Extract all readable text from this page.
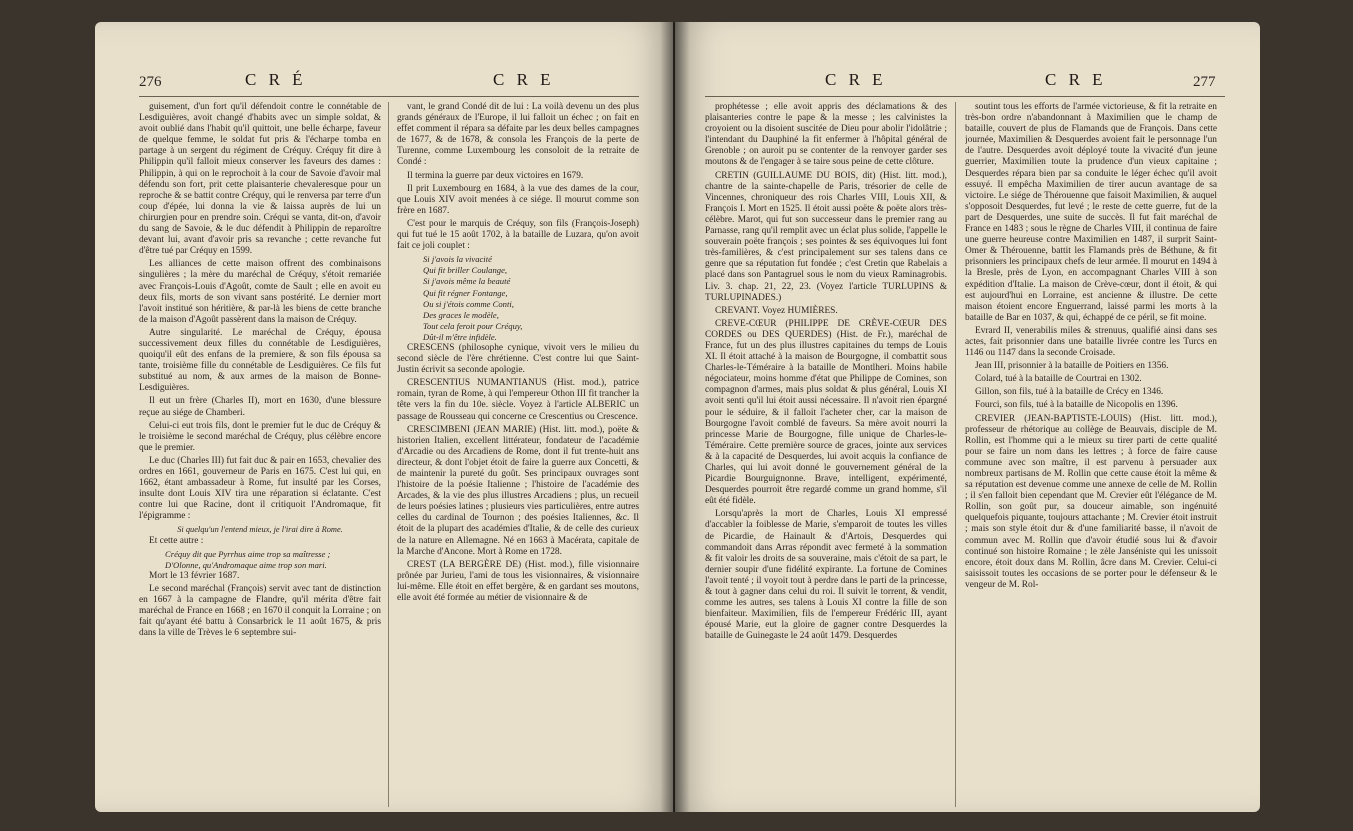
276	C R É	C R E

guisement, d'un fort qu'il défendoit contre le connétable de Lesdiguières, avoit changé d'habits avec un simple soldat, & avoit oublié dans l'habit qu'il quittoit, une belle écharpe, faveur de quelque femme, le soldat fut pris & l'écharpe tomba en partage à un sergent du régiment de Créquy. Créquy fit dire à Philippin qu'il falloit mieux conserver les faveurs des dames : Philippin, à qui on le reprochoit à la cour de Savoie d'avoir mal défendu son fort, prit cette plaisanterie chevaleresque pour un reproche & se battit contre Créquy, qui le renversa par terre d'un coup d'épée, lui donna la vie & laissa auprès de lui un chirurgien pour en prendre soin. Créqui se vanta, dit-on, d'avoir du sang de Savoie, & le duc défendit à Philippin de reparoître devant lui, avant d'avoir pris sa revanche ; cette revanche fut d'être tué par Créquy en 1599.

Les alliances de cette maison offrent des combinaisons singulières ; la mère du maréchal de Créquy, s'étoit remariée avec François-Louis d'Agoût, comte de Sault ; elle en avoit eu deux fils, morts de son vivant sans postérité. Le dernier mort l'avoit institué son héritière, & par-là les biens de cette branche de la maison d'Agoût passèrent dans la maison de Créquy.

Autre singularité. Le maréchal de Créquy, épousa successivement deux filles du connétable de Lesdiguières, quoiqu'il eût des enfans de la premiere, & son fils épousa sa tante, troisième fille du connétable de Lesdiguières. Ce fils fut substitué au nom, & aux armes de la maison de Bonne-Lesdiguières.

Il eut un frère (Charles II), mort en 1630, d'une blessure reçue au siége de Chamberi.

Celui-ci eut trois fils, dont le premier fut le duc de Créquy & le troisième le second maréchal de Créquy, plus célèbre encore que le premier.

Le duc (Charles III) fut fait duc & pair en 1653, chevalier des ordres en 1661, gouverneur de Paris en 1675. C'est lui qui, en 1662, étant ambassadeur à Rome, fut insulté par les Corses, insulte dont Louis XIV tira une réparation si éclatante. C'est contre lui que Racine, dont il critiquoit l'Andromaque, fit l'épigramme :

Si quelqu'un l'entend mieux, je l'irai dire à Rome.

Et cette autre :

Créquy dit que Pyrrhus aime trop sa maîtresse ;

D'Olonne, qu'Andromaque aime trop son mari.

Mort le 13 février 1687.

Le second maréchal (François) servit avec tant de distinction en 1667 à la campagne de Flandre, qu'il mérita d'être fait maréchal de France en 1668 ; en 1670 il conquit la Lorraine ; on fait qu'ayant été battu à Consarbrick le 11 août 1675, & pris dans la ville de Trèves le 6 septembre sui-

vant, le grand Condé dit de lui : La voilà devenu un des plus grands généraux de l'Europe, il lui falloit un échec ; on fait en effet comment il répara sa défaite par les deux belles campagnes de 1677, & de 1678, & consola les François de la perte de Turenne, comme Luxembourg les consoloit de la retraite de Condé :

Il termina la guerre par deux victoires en 1679.

Il prit Luxembourg en 1684, à la vue des dames de la cour, que Louis XIV avoit menées à ce siége. Il mourut comme son frère en 1687.

C'est pour le marquis de Créquy, son fils (François-Joseph) qui fut tué le 15 août 1702, à la bataille de Luzara, qu'on avoit fait ce joli couplet :

Si j'avois la vivacité

Qui fit briller Coulange,

Si j'avois même la beauté

Qui fit régner Fontange,

Ou si j'étois comme Conti,

Des graces le modèle,

Tout cela feroit pour Créquy,

Dût-il m'être infidèle.

CRESCENS (philosophe cynique, vivoit vers le milieu du second siècle de l'ère chrétienne. C'est contre lui que Saint-Justin écrivit sa seconde apologie.

CRESCENTIUS NUMANTIANUS (Hist. mod.), patrice romain, tyran de Rome, à qui l'empereur Othon III fit trancher la tête vers la fin du 10e. siècle. Voyez à l'article ALBERIC un passage de Rousseau qui concerne ce Crescentius ou Crescence.

CRESCIMBENI (JEAN MARIE) (Hist. litt. mod.), poëte & historien Italien, excellent littérateur, fondateur de l'académie d'Arcadie ou des Arcadiens de Rome, dont il fut trente-huit ans directeur, & dont l'objet étoit de faire la guerre aux Concetti, & de maintenir la pureté du goût. Ses principaux ouvrages sont l'histoire de la poésie Italienne ; l'histoire de l'académie des Arcades, & la vie des plus illustres Arcadiens ; plus, un recueil de leurs poésies latines ; plusieurs vies particulières, entre autres celles du cardinal de Tournon ; des poésies Italiennes, &c. Il étoit de la plupart des académies d'Italie, & de celle des curieux de la nature en Allemagne. Né en 1663 à Macérata, capitale de la Marche d'Ancone. Mort à Rome en 1728.

CREST (LA BERGÈRE DE) (Hist. mod.), fille visionnaire prônée par Jurieu, l'ami de tous les visionnaires, & visionnaire lui-même. Elle étoit en effet bergère, & en gardant ses moutons, elle avoit été formée au métier de visionnaire & de

C R E	C R E	277

prophétesse ; elle avoit appris des déclamations & des plaisanteries contre le pape & la messe ; les calvinistes la croyoient ou la disoient suscitée de Dieu pour abolir l'idolâtrie ; l'intendant du Dauphiné la fit enfermer à l'hôpital général de Grenoble ; on auroit pu se contenter de la renvoyer garder ses moutons & de l'engager à se taire sous peine de cette clôture.

CRETIN (GUILLAUME DU BOIS, dit) (Hist. litt. mod.), chantre de la sainte-chapelle de Paris, trésorier de celle de Vincennes, chroniqueur des rois Charles VIII, Louis XII, & François I. Mort en 1525. Il étoit aussi poëte & poëte alors très-célèbre. Marot, qui fut son successeur dans le premier rang au Parnasse, rang qu'il remplit avec un éclat plus solide, l'appelle le souverain poëte françois ; ses pointes & ses équivoques lui font très-familières, & c'est principalement sur ses talens dans ce genre que sa réputation fut fondée ; c'est Cretin que Rabelais a placé dans son Pantagruel sous le nom du vieux Raminagrobis. Liv. 3. chap. 21, 22, 23. (Voyez l'article TURLUPINS & TURLUPINADES.)

CREVANT. Voyez HUMIÈRES.

CREVE-CŒUR (PHILIPPE DE CRÈVE-CŒUR DES CORDES ou DES QUERDES) (Hist. de Fr.), maréchal de France, fut un des plus illustres capitaines du temps de Louis XI. Il étoit attaché à la maison de Bourgogne, il combattit sous Charles-le-Téméraire à la bataille de Montlheri. Moins habile négociateur, moins homme d'état que Philippe de Comines, son compagnon d'armes, mais plus soldat & plus général, Louis XI avoit senti qu'il lui étoit aussi nécessaire. Il n'avoit rien épargné pour le séduire, & il falloit l'acheter cher, car la maison de Bourgogne l'avoit comblé de faveurs. Sa mère avoit nourri la princesse Marie de Bourgogne, fille unique de Charles-le-Téméraire. Cette première source de graces, jointe aux services & à la capacité de Desquerdes, lui avoit acquis la confiance de Charles, qui lui avoit donné le gouvernement général de la Picardie Bourguignonne. Brave, intelligent, expérimenté, Desquerdes pourroit être regardé comme un grand homme, s'il eût été fidèle.

Lorsqu'après la mort de Charles, Louis XI empressé d'accabler la foiblesse de Marie, s'emparoit de toutes les villes de Picardie, de Hainault & d'Artois, Desquerdes qui commandoit dans Arras répondit avec fermeté à la sommation & fit valoir les droits de sa souveraine, mais c'étoit de sa part, le dernier soupir d'une fidélité expirante. La fortune de Comines l'avoit tenté ; il voyoit tout à perdre dans le parti de la princesse, & tout à gagner dans celui du roi. Il suivit le torrent, & vendit, comme les autres, ses talens à Louis XI contre la fille de son bienfaiteur. Maximilien, fils de l'empereur Frédéric III, ayant épousé Marie, eut la gloire de gagner contre Desquerdes la bataille de Guinegaste le 24 août 1479. Desquerdes

soutint tous les efforts de l'armée victorieuse, & fit la retraite en très-bon ordre n'abandonnant à Maximilien que le champ de bataille, couvert de plus de Flamands que de François. Dans cette journée, Maximilien & Desquerdes avoient fait le personnage l'un de l'autre. Desquerdes avoit déployé toute la vivacité d'un jeune guerrier, Maximilien toute la prudence d'un vieux capitaine ; Desquerdes répara bien par sa conduite le léger échec qu'il avoit essuyé. Il empêcha Maximilien de tirer aucun avantage de sa victoire. Le siége de Thérouenne que faisoit Maximilien, & auquel s'opposoit Desquerdes, fut levé ; le reste de cette guerre, fut de la part de Desquerdes, une suite de succès. Il fut fait maréchal de France en 1483 ; sous le règne de Charles VIII, il continua de faire une guerre heureuse contre Maximilien en 1487, il surprit Saint-Omer & Thérouenne, battit les Flamands près de Béthune, & fit prisonniers les principaux chefs de leur armée. Il mourut en 1494 à la Bresle, près de Lyon, en accompagnant Charles VIII à son expédition d'Italie. La maison de Crève-cœur, dont il étoit, & qui est aujourd'hui en Lorraine, est ancienne & illustre. De cette maison étoient encore Enguerrand, laissé parmi les morts à la bataille de Bar en 1037, & qui, échappé de ce péril, se fit moine.

Evrard II, venerabilis miles & strenuus, qualifié ainsi dans ses actes, fait prisonnier dans une bataille livrée contre les Turcs en 1146 ou 1147 dans la seconde Croisade.

Jean III, prisonnier à la bataille de Poitiers en 1356.

Colard, tué à la bataille de Courtrai en 1302.

Gillon, son fils, tué à la bataille de Crécy en 1346.

Fourci, son fils, tué à la bataille de Nicopolis en 1396.

CREVIER (JEAN-BAPTISTE-LOUIS) (Hist. litt. mod.), professeur de rhétorique au collège de Beauvais, disciple de M. Rollin, est l'homme qui a le mieux su tirer parti de cette qualité pour se faire un nom dans les lettres ; à force de faire cause commune avec son maître, il est parvenu à persuader aux nombreux partisans de M. Rollin que cette cause étoit la même & sa réputation est devenue comme une annexe de celle de M. Rollin ; il s'en falloit bien cependant que M. Crevier eût l'élégance de M. Rollin, son goût pur, sa douceur aimable, son ingénuité quelquefois piquante, toujours attachante ; M. Crevier étoit instruit ; mais son style étoit dur & d'une familiarité basse, il n'avoit de commun avec M. Rollin que d'avoir étudié sous lui & d'avoir continué son histoire Romaine ; le zèle Janséniste qui les unissoit encore, étoit doux dans M. Rollin, âcre dans M. Crevier. Celui-ci saisissoit toutes les occasions de se porter pour le défenseur & le vengeur de M. Rol-
